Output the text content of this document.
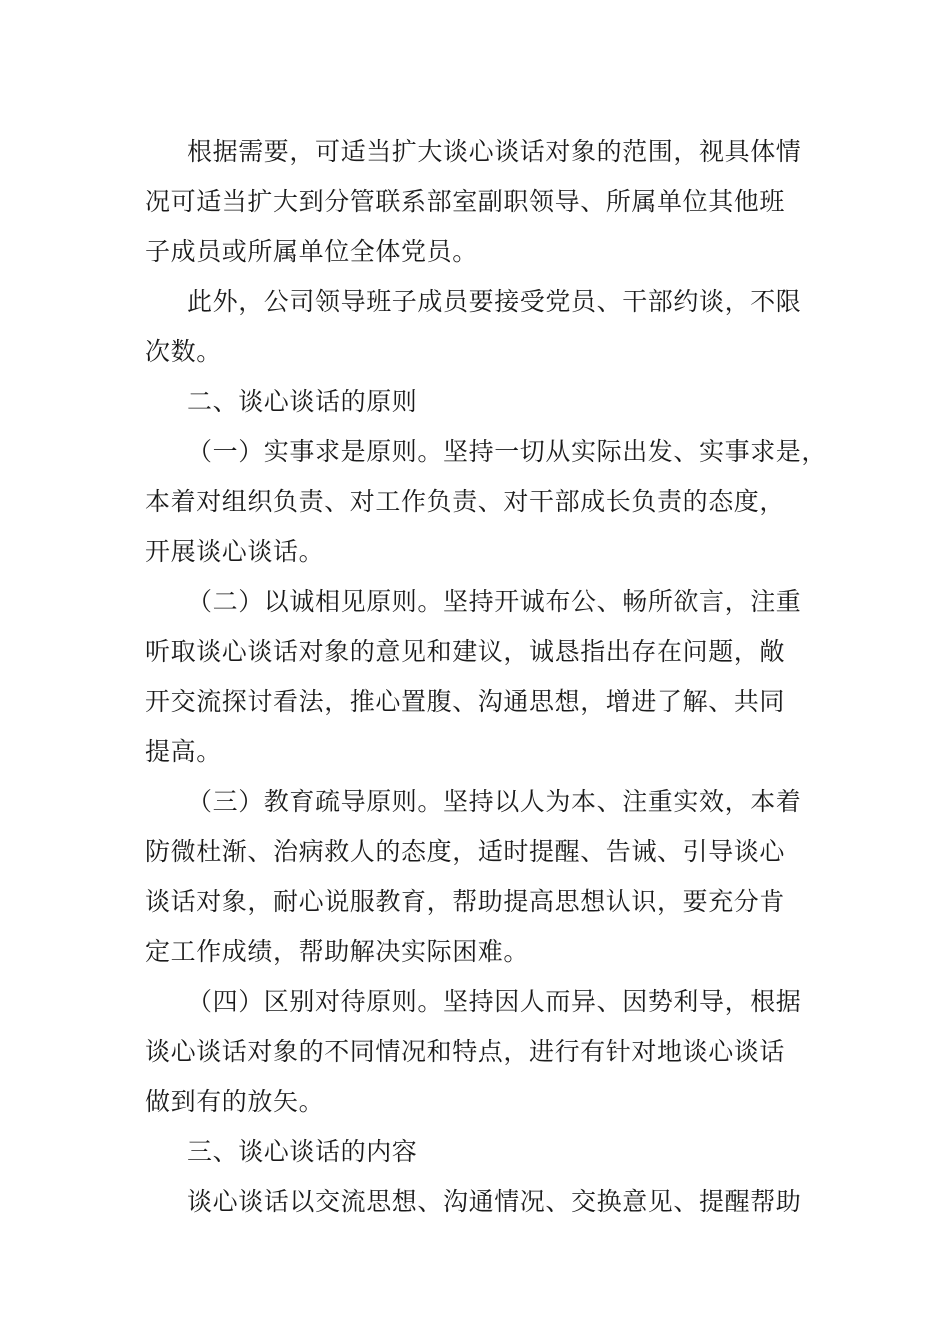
根据需要，可适当扩大谈心谈话对象的范围，视具体情
况可适当扩大到分管联系部室副职领导、所属单位其他班
子成员或所属单位全体党员。
此外，公司领导班子成员要接受党员、干部约谈，不限
次数。
二、谈心谈话的原则
（一）实事求是原则。坚持一切从实际出发、实事求是，
本着对组织负责、对工作负责、对干部成长负责的态度，
开展谈心谈话。
（二）以诚相见原则。坚持开诚布公、畅所欲言，注重
听取谈心谈话对象的意见和建议，诚恳指出存在问题，敞
开交流探讨看法，推心置腹、沟通思想，增进了解、共同
提高。
（三）教育疏导原则。坚持以人为本、注重实效，本着
防微杜渐、治病救人的态度，适时提醒、告诫、引导谈心
谈话对象，耐心说服教育，帮助提高思想认识，要充分肯
定工作成绩，帮助解决实际困难。
（四）区别对待原则。坚持因人而异、因势利导，根据
谈心谈话对象的不同情况和特点，进行有针对地谈心谈话
做到有的放矢。
三、谈心谈话的内容
谈心谈话以交流思想、沟通情况、交换意见、提醒帮助
